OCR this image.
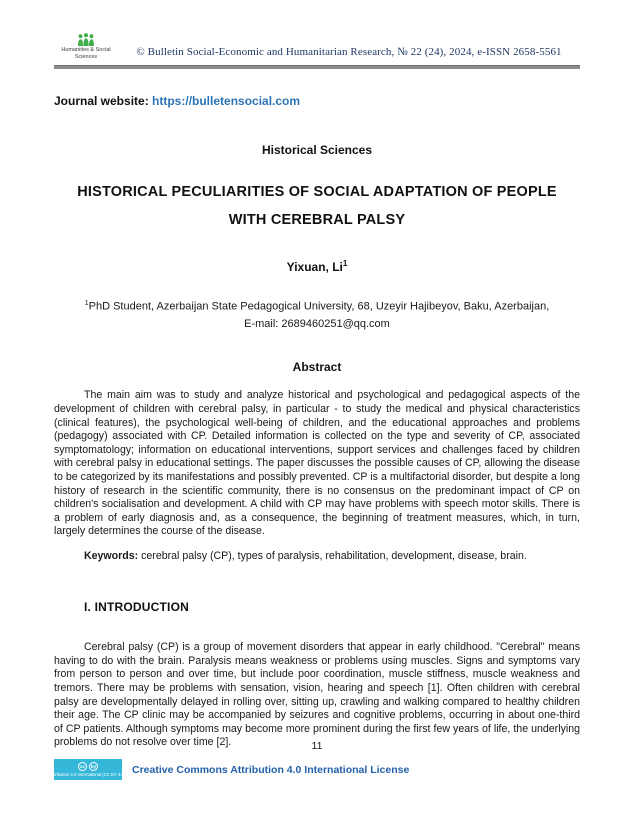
Humanities & Social Sciences	© Bulletin Social-Economic and Humanitarian Research, № 22 (24), 2024, e-ISSN 2658-5561
Journal website: https://bulletensocial.com
Historical Sciences
HISTORICAL PECULIARITIES OF SOCIAL ADAPTATION OF PEOPLE WITH CEREBRAL PALSY
Yixuan, Li$^1$
$^1$PhD Student, Azerbaijan State Pedagogical University, 68, Uzeyir Hajibeyov, Baku, Azerbaijan,
E-mail: 2689460251@qq.com
Abstract

The main aim was to study and analyze historical and psychological and pedagogical aspects of the development of children with cerebral palsy, in particular - to study the medical and physical characteristics (clinical features), the psychological well-being of children, and the educational approaches and problems (pedagogy) associated with CP. Detailed information is collected on the type and severity of CP, associated symptomatology; information on educational interventions, support services and challenges faced by children with cerebral palsy in educational settings. The paper discusses the possible causes of CP, allowing the disease to be categorized by its manifestations and possibly prevented. CP is a multifactorial disorder, but despite a long history of research in the scientific community, there is no consensus on the predominant impact of CP on children's socialisation and development. A child with CP may have problems with speech motor skills. There is a problem of early diagnosis and, as a consequence, the beginning of treatment measures, which, in turn, largely determines the course of the disease.

Keywords: cerebral palsy (CP), types of paralysis, rehabilitation, development, disease, brain.
I. INTRODUCTION

Cerebral palsy (CP) is a group of movement disorders that appear in early childhood. "Cerebral" means having to do with the brain. Paralysis means weakness or problems using muscles. Signs and symptoms vary from person to person and over time, but include poor coordination, muscle stiffness, muscle weakness and tremors. There may be problems with sensation, vision, hearing and speech [1]. Often children with cerebral palsy are developmentally delayed in rolling over, sitting up, crawling and walking compared to healthy children their age. The CP clinic may be accompanied by seizures and cognitive problems, occurring in about one-third of CP patients. Although symptoms may become more prominent during the first few years of life, the underlying problems do not resolve over time [2].	11
cc	by
Attribution 4.0 International (CC BY 4.0) Creative Commons Attribution 4.0 International License
